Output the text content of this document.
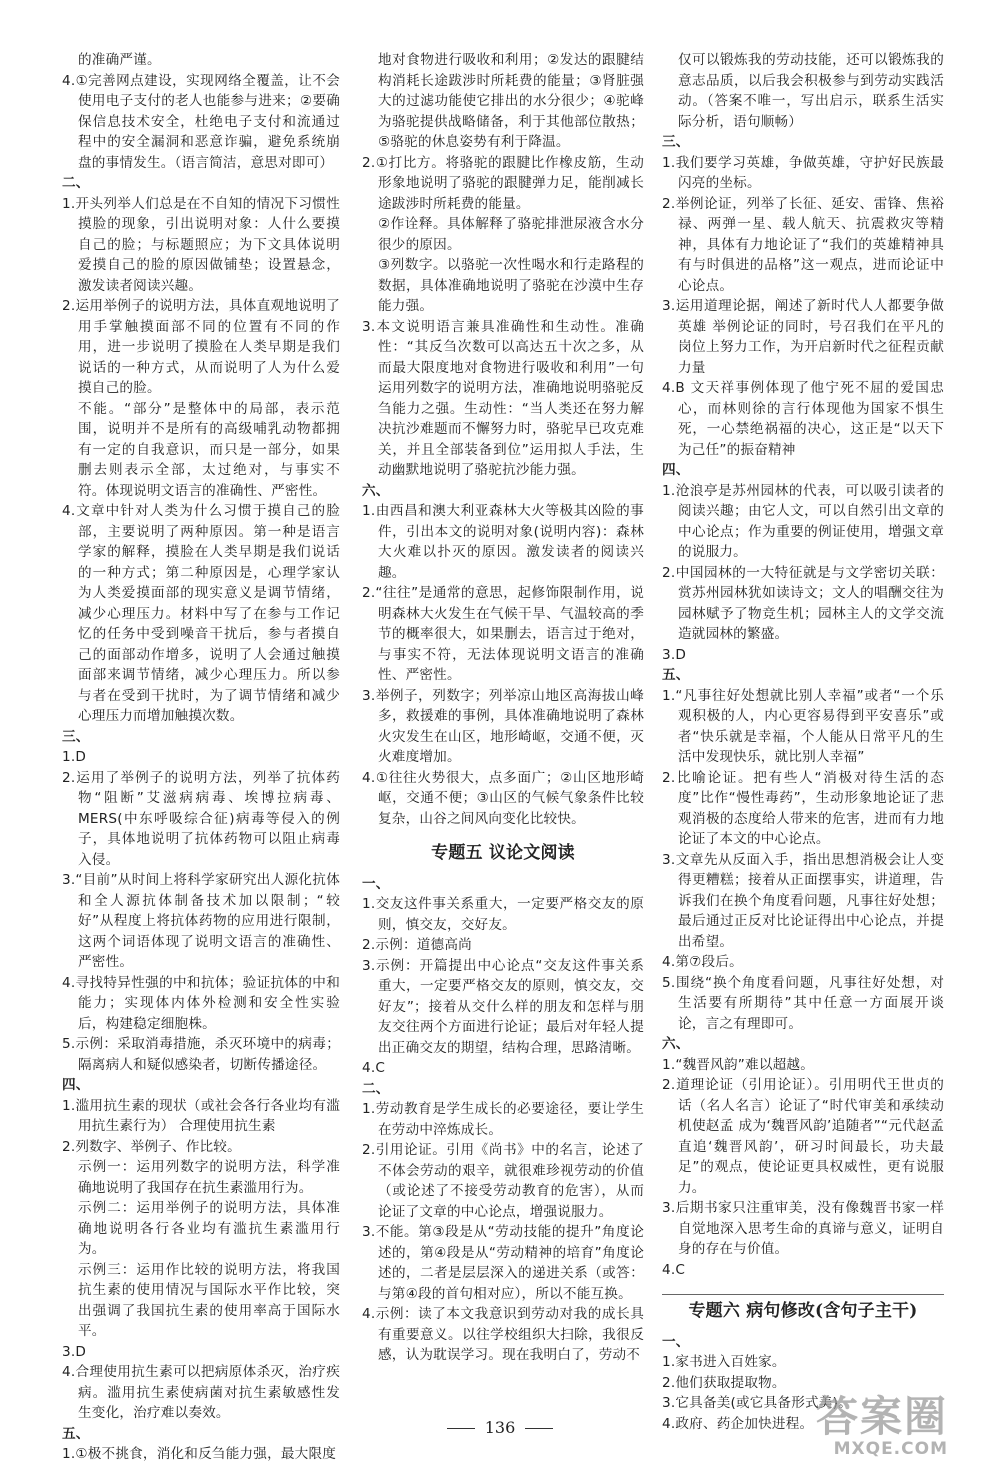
的准确严谨。
4.①完善网点建设，实现网络全覆盖，让不会使用电子支付的老人也能参与进来；②要确保信息技术安全，杜绝电子支付和流通过程中的安全漏洞和恶意诈骗，避免系统崩盘的事情发生。（语言简洁，意思对即可）
二、
1.开头列举人们总是在不自知的情况下习惯性摸脸的现象，引出说明对象：人什么要摸自己的脸；与标题照应；为下文具体说明爱摸自己的脸的原因做铺垫；设置悬念，激发读者阅读兴趣。
2.运用举例子的说明方法，具体直观地说明了用手掌触摸面部不同的位置有不同的作用，进一步说明了摸脸在人类早期是我们说话的一种方式，从而说明了人为什么爱摸自己的脸。
不能。“部分”是整体中的局部，表示范围，说明并不是所有的高级哺乳动物都拥有一定的自我意识，而只是一部分，如果删去则表示全部，太过绝对，与事实不符。体现说明文语言的准确性、严密性。
4.文章中针对人类为什么习惯于摸自己的脸部，主要说明了两种原因。第一种是语言学家的解释，摸脸在人类早期是我们说话的一种方式；第二种原因是，心理学家认为人类爱摸面部的现实意义是调节情绪，减少心理压力。材料中写了在参与工作记忆的任务中受到噪音干扰后，参与者摸自己的面部动作增多，说明了人会通过触摸面部来调节情绪，减少心理压力。所以参与者在受到干扰时，为了调节情绪和减少心理压力而增加触摸次数。
三、
1.D
2.运用了举例子的说明方法，列举了抗体药物“阻断”艾滋病病毒、埃博拉病毒、MERS(中东呼吸综合征)病毒等侵入的例子，具体地说明了抗体药物可以阻止病毒入侵。
3.“目前”从时间上将科学家研究出人源化抗体和全人源抗体制备技术加以限制；“较好”从程度上将抗体药物的应用进行限制，这两个词语体现了说明文语言的准确性、严密性。
4.寻找特异性强的中和抗体；验证抗体的中和能力；实现体内体外检测和安全性实验后，构建稳定细胞株。
5.示例：采取消毒措施，杀灭环境中的病毒；隔离病人和疑似感染者，切断传播途径。
四、
1.滥用抗生素的现状（或社会各行各业均有滥用抗生素行为） 合理使用抗生素
2.列数字、举例子、作比较。
示例一：运用列数字的说明方法，科学准确地说明了我国存在抗生素滥用行为。
示例二：运用举例子的说明方法，具体准确地说明各行各业均有滥抗生素滥用行为。
示例三：运用作比较的说明方法，将我国抗生素的使用情况与国际水平作比较，突出强调了我国抗生素的使用率高于国际水平。
3.D
4.合理使用抗生素可以把病原体杀灭，治疗疾病。滥用抗生素使病菌对抗生素敏感性发生变化，治疗难以奏效。
五、
1.①极不挑食，消化和反刍能力强，最大限度
地对食物进行吸收和利用；②发达的跟腱结构消耗长途跋涉时所耗费的能量；③肾脏强大的过滤功能使它排出的水分很少；④驼峰为骆驼提供战略储备，利于其他部位散热；⑤骆驼的休息姿势有利于降温。
2.①打比方。将骆驼的跟腱比作橡皮筋，生动形象地说明了骆驼的跟腱弹力足，能削减长途跋涉时所耗费的能量。
②作诠释。具体解释了骆驼排泄尿液含水分很少的原因。
③列数字。以骆驼一次性喝水和行走路程的数据，具体准确地说明了骆驼在沙漠中生存能力强。
3.本文说明语言兼具准确性和生动性。准确性：“其反刍次数可以高达五十次之多，从而最大限度地对食物进行吸收和利用”一句运用列数字的说明方法，准确地说明骆驼反刍能力之强。生动性：“当人类还在努力解决抗沙难题而不懈努力时，骆驼早已攻克难关，并且全部装备到位”运用拟人手法，生动幽默地说明了骆驼抗沙能力强。
六、
1.由西昌和澳大利亚森林大火等极其凶险的事件，引出本文的说明对象(说明内容)：森林大火难以扑灭的原因。激发读者的阅读兴趣。
2.“往往”是通常的意思，起修饰限制作用，说明森林大火发生在气候干旱、气温较高的季节的概率很大，如果删去，语言过于绝对，与事实不符，无法体现说明文语言的准确性、严密性。
3.举例子，列数字；列举凉山地区高海拔山峰多，救援难的事例，具体准确地说明了森林火灾发生在山区，地形崎岖，交通不便，灭火难度增加。
4.①往往火势很大，点多面广；②山区地形崎岖，交通不便；③山区的气候气象条件比较复杂，山谷之间风向变化比较快。
专题五 议论文阅读
一、
1.交友这件事关系重大，一定要严格交友的原则，慎交友，交好友。
2.示例：道德高尚
3.示例：开篇提出中心论点“交友这件事关系重大，一定要严格交友的原则，慎交友，交好友”；接着从交什么样的朋友和怎样与朋友交往两个方面进行论证；最后对年轻人提出正确交友的期望，结构合理，思路清晰。
4.C
二、
1.劳动教育是学生成长的必要途径，要让学生在劳动中淬炼成长。
2.引用论证。引用《尚书》中的名言，论述了不体会劳动的艰辛，就很难珍视劳动的价值（或论述了不接受劳动教育的危害），从而论证了文章的中心论点，增强说服力。
3.不能。第③段是从“劳动技能的提升”角度论述的，第④段是从“劳动精神的培育”角度论述的，二者是层层深入的递进关系（或答：与第④段的首句相对应），所以不能互换。
4.示例：读了本文我意识到劳动对我的成长具有重要意义。以往学校组织大扫除，我很反感，认为耽误学习。现在我明白了，劳动不
仅可以锻炼我的劳动技能，还可以锻炼我的意志品质，以后我会积极参与到劳动实践活动。（答案不唯一，写出启示，联系生活实际分析，语句顺畅）
三、
1.我们要学习英雄，争做英雄，守护好民族最闪亮的坐标。
2.举例论证，列举了长征、延安、雷锋、焦裕禄、两弹一星、载人航天、抗震救灾等精神，具体有力地论证了“我们的英雄精神具有与时俱进的品格”这一观点，进而论证中心论点。
3.运用道理论据，阐述了新时代人人都要争做英雄 举例论证的同时，号召我们在平凡的岗位上努力工作，为开启新时代之征程贡献力量
4.B 文天祥事例体现了他宁死不屈的爱国忠心，而林则徐的言行体现他为国家不惧生死，一心禁绝祸福的决心，这正是“以天下为己任”的振奋精神
四、
1.沧浪亭是苏州园林的代表，可以吸引读者的阅读兴趣；由它人文，可以自然引出文章的中心论点；作为重要的例证使用，增强文章的说服力。
2.中国园林的一大特征就是与文学密切关联：赏苏州园林犹如读诗文；文人的唱酬交往为园林赋予了物竞生机；园林主人的文学交流造就园林的繁盛。
3.D
五、
1.“凡事往好处想就比别人幸福”或者“一个乐观积极的人，内心更容易得到平安喜乐”或者“快乐就是幸福，个人能从日常平凡的生活中发现快乐，就比别人幸福”
2.比喻论证。把有些人“消极对待生活的态度”比作“慢性毒药”，生动形象地论证了悲观消极的态度给人带来的危害，进而有力地论证了本文的中心论点。
3.文章先从反面入手，指出思想消极会让人变得更糟糕；接着从正面摆事实，讲道理，告诉我们在换个角度看问题，凡事往好处想；最后通过正反对比论证得出中心论点，并提出希望。
4.第⑦段后。
5.围绕“换个角度看问题，凡事往好处想，对生活要有所期待”其中任意一方面展开谈论，言之有理即可。
六、
1.“魏晋风韵”难以超越。
2.道理论证（引用论证）。引用明代王世贞的话（名人名言）论证了“时代审美和承续动机使赵孟 成为‘魏晋风韵’追随者”“元代赵孟 直追‘魏晋风韵’，研习时间最长，功夫最足”的观点，使论证更具权威性，更有说服力。
3.后期书家只注重审美，没有像魏晋书家一样自觉地深入思考生命的真谛与意义，证明自身的存在与价值。
4.C
专题六 病句修改(含句子主干)
一、
1.家书进入百姓家。
2.他们获取提取物。
3.它具备美(或它具备形式美)。
4.政府、药企加快进程。
136	答案圈
MXQE.COM
